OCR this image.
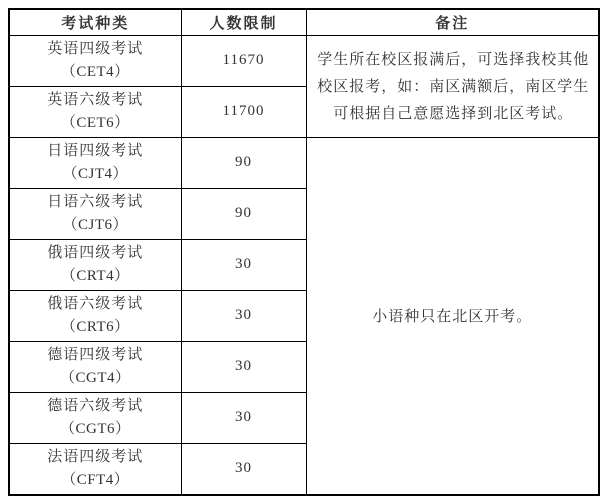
考试种类	人数限制	备注

英语四级考试
（CET4）	11670	学生所在校区报满后，可选择我校其他校区报考，如：南区满额后，南区学生可根据自己意愿选择到北区考试。

英语六级考试
（CET6）	11700	

日语四级考试
（CJT4）	90	小语种只在北区开考。

日语六级考试
（CJT6）	90	

俄语四级考试
（CRT4）	30	

俄语六级考试
（CRT6）	30	

德语四级考试
（CGT4）	30	

德语六级考试
（CGT6）	30	

法语四级考试
（CFT4）	30	
